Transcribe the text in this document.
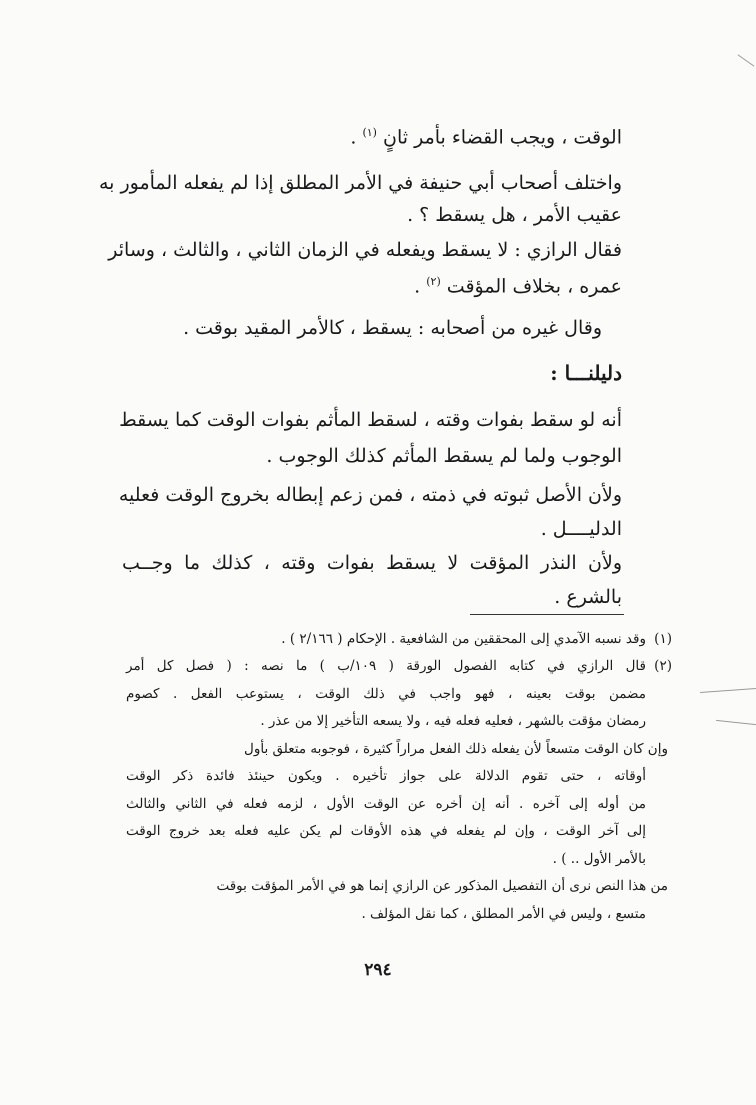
الوقت ، ويجب القضاء بأمر ثانٍ $^{(١)}$ .
واختلف أصحاب أبي حنيفة في الأمر المطلق إذا لم يفعله المأمور به
عقيب الأمر ، هل يسقط ؟ .
فقال الرازي : لا يسقط ويفعله في الزمان الثاني ، والثالث ، وسائر
عمره ، بخلاف المؤقت $^{(٢)}$ .
وقال غيره من أصحابه : يسقط ، كالأمر المقيد بوقت .
دليلنـــا :
أنه لو سقط بفوات وقته ، لسقط المأثم بفوات الوقت كما يسقط
الوجوب ولما لم يسقط المأثم كذلك الوجوب .
ولأن الأصل ثبوته في ذمته ، فمن زعم إبطاله بخروج الوقت فعليه
الدليــــل .
ولأن النذر المؤقت لا يسقط بفوات وقته ، كذلك ما وجــب
بالشرع .
(١)
وقد نسبه الآمدي إلى المحققين من الشافعية . الإحكام ( ٢/١٦٦ ) .
(٢)
قال الرازي في كتابه الفصول الورقة ( ١٠٩/ب ) ما نصه : ( فصل كل أمر
مضمن بوقت بعينه ، فهو واجب في ذلك الوقت ، يستوعب الفعل . كصوم
رمضان مؤقت بالشهر ، فعليه فعله فيه ، ولا يسعه التأخير إلا من عذر .
وإن كان الوقت متسعاً لأن يفعله ذلك الفعل مراراً كثيرة ، فوجوبه متعلق بأول
أوقاته ، حتى تقوم الدلالة على جواز تأخيره . ويكون حينئذ فائدة ذكر الوقت
من أوله إلى آخره . أنه إن أخره عن الوقت الأول ، لزمه فعله في الثاني والثالث
إلى آخر الوقت ، وإن لم يفعله في هذه الأوقات لم يكن عليه فعله بعد خروج الوقت
بالأمر الأول .. ) .
من هذا النص نرى أن التفصيل المذكور عن الرازي إنما هو في الأمر المؤقت بوقت
متسع ، وليس في الأمر المطلق ، كما نقل المؤلف .
٢٩٤
